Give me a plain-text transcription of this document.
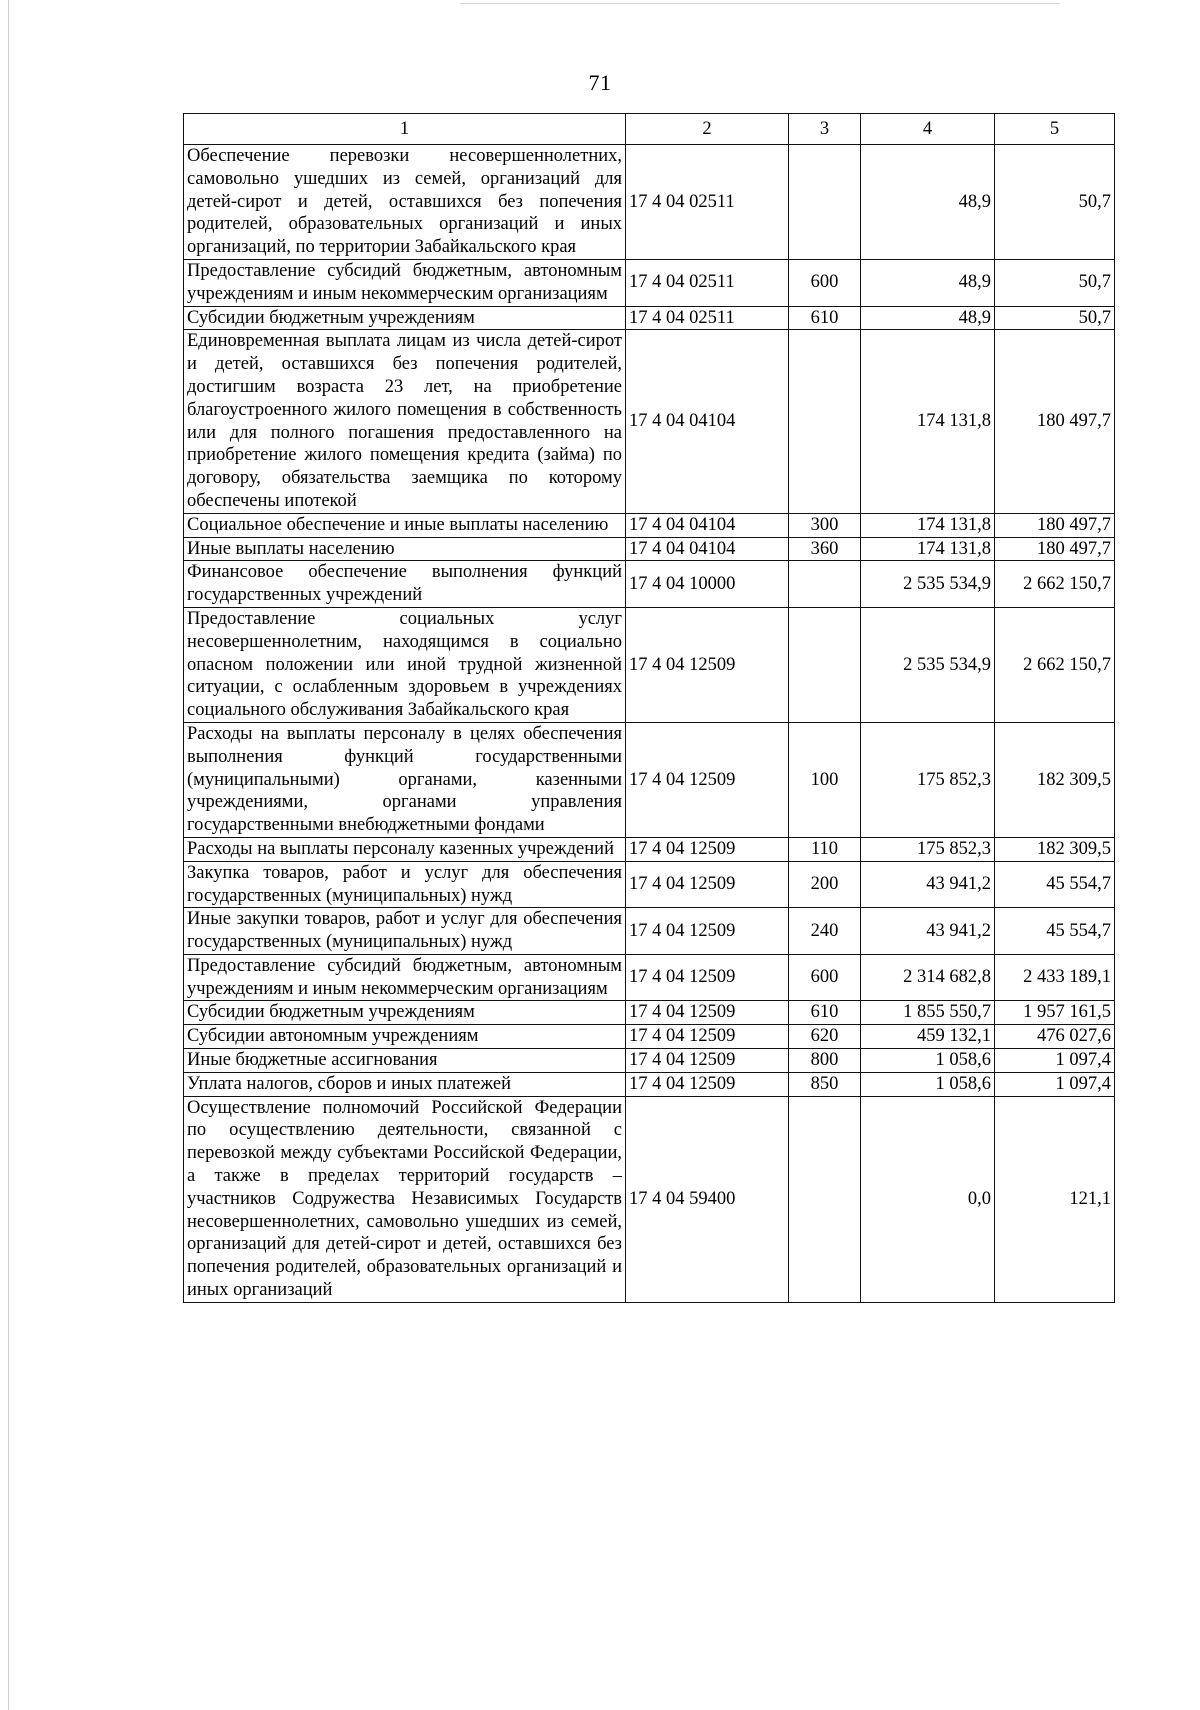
71
1	2	3	4	5
Обеспечение перевозки несовершеннолетних, самовольно ушедших из семей, организаций для детей-сирот и детей, оставшихся без попечения родителей, образовательных организаций и иных организаций, по территории Забайкальского края	17 4 04 02511		48,9	50,7
Предоставление субсидий бюджетным, автономным учреждениям и иным некоммерческим организациям	17 4 04 02511	600	48,9	50,7
Субсидии бюджетным учреждениям	17 4 04 02511	610	48,9	50,7
Единовременная выплата лицам из числа детей-сирот и детей, оставшихся без попечения родителей, достигшим возраста 23 лет, на приобретение благоустроенного жилого помещения в собственность или для полного погашения предоставленного на приобретение жилого помещения кредита (займа) по договору, обязательства заемщика по которому обеспечены ипотекой	17 4 04 04104		174 131,8	180 497,7
Социальное обеспечение и иные выплаты населению	17 4 04 04104	300	174 131,8	180 497,7
Иные выплаты населению	17 4 04 04104	360	174 131,8	180 497,7
Финансовое обеспечение выполнения функций государственных учреждений	17 4 04 10000		2 535 534,9	2 662 150,7
Предоставление социальных услуг несовершеннолетним, находящимся в социально опасном положении или иной трудной жизненной ситуации, с ослабленным здоровьем в учреждениях социального обслуживания Забайкальского края	17 4 04 12509		2 535 534,9	2 662 150,7
Расходы на выплаты персоналу в целях обеспечения выполнения функций государственными (муниципальными) органами, казенными учреждениями, органами управления государственными внебюджетными фондами	17 4 04 12509	100	175 852,3	182 309,5
Расходы на выплаты персоналу казенных учреждений	17 4 04 12509	110	175 852,3	182 309,5
Закупка товаров, работ и услуг для обеспечения государственных (муниципальных) нужд	17 4 04 12509	200	43 941,2	45 554,7
Иные закупки товаров, работ и услуг для обеспечения государственных (муниципальных) нужд	17 4 04 12509	240	43 941,2	45 554,7
Предоставление субсидий бюджетным, автономным учреждениям и иным некоммерческим организациям	17 4 04 12509	600	2 314 682,8	2 433 189,1
Субсидии бюджетным учреждениям	17 4 04 12509	610	1 855 550,7	1 957 161,5
Субсидии автономным учреждениям	17 4 04 12509	620	459 132,1	476 027,6
Иные бюджетные ассигнования	17 4 04 12509	800	1 058,6	1 097,4
Уплата налогов, сборов и иных платежей	17 4 04 12509	850	1 058,6	1 097,4
Осуществление полномочий Российской Федерации по осуществлению деятельности, связанной с перевозкой между субъектами Российской Федерации, а также в пределах территорий государств – участников Содружества Независимых Государств несовершеннолетних, самовольно ушедших из семей, организаций для детей-сирот и детей, оставшихся без попечения родителей, образовательных организаций и иных организаций	17 4 04 59400		0,0	121,1
